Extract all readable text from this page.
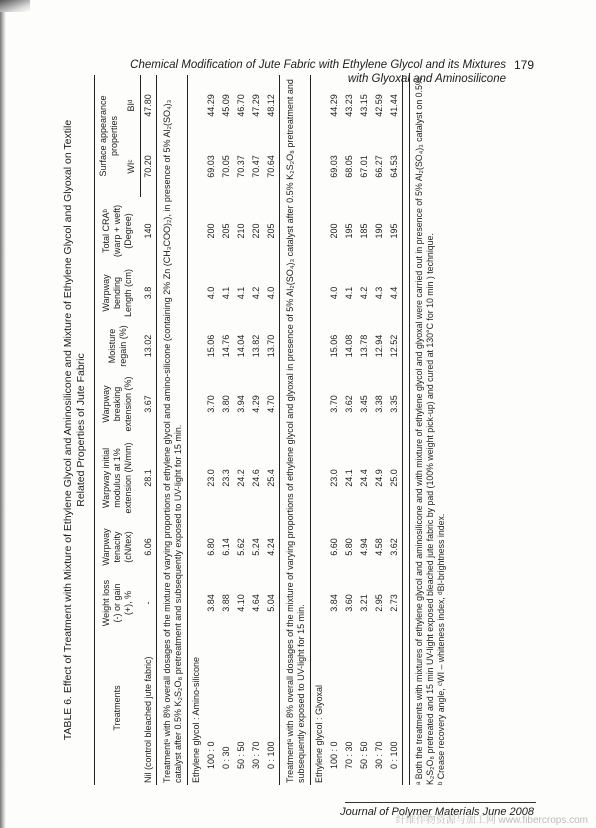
Chemical Modification of Jute Fabric with Ethylene Glycol and its Mixtures
with Glyoxal and Aminosilicone
179
TABLE 6. Effect of Treatment with Mixture of Ethylene Glycol and Aminosilicone and Mixture of Ethylene Glycol and Glyoxal on Textile Related Properties of Jute Fabric
Treatments	Weight loss (-) or gain (+), %	Warpway tenacity (cN/tex)	Warpway initial modulus at 1% extension (N/mm)	Warpway breaking extension (%)	Moisture regain (%)	Warpway bending Length (cm)	Total CRAᵇ (warp + weft) (Degree)	Surface appearance properties	
								WIᶜ	BIᵈ
Nil (control bleached jute fabric)	-	6.06	28.1	3.67	13.02	3.8	140	70.20	47.80
Treatmentᵃ with 8% overall dosages of the mixture of varying proportions of ethylene glycol and amino-silicone (containing 2% Zn (CH₃COO)₂), in presence of 5% Al₂(SO₄)₃ catalyst after 0.5% K₂S₂O₈ pretreatment and subsequently exposed to UV-light for 15 min.									
Ethylene glycol : Amino-silicone									
100 : 0	3.84	6.80	23.0	3.70	15.06	4.0	200	69.03	44.29
0 : 30	3.88	6.14	23.3	3.80	14.76	4.1	205	70.05	45.09
50 : 50	4.10	5.62	24.2	3.94	14.04	4.1	210	70.37	46.70
30 : 70	4.64	5.24	24.6	4.29	13.82	4.2	220	70.47	47.29
0 : 100	5.04	4.24	25.4	4.70	13.70	4.0	205	70.64	48.12
Treatmentᵃ with 8% overall dosages of the mixture of varying proportions of ethylene glycol and glyoxal in presence of 5% Al₂(SO₄)₃ catalyst after 0.5% K₂S₂O₈ pretreatment and subsequently exposed to UV-light for 15 min.									
Ethylene glycol : Glyoxal									
100 : 0	3.84	6.60	23.0	3.70	15.06	4.0	200	69.03	44.29
70 : 30	3.60	5.80	24.1	3.62	14.08	4.1	195	68.05	43.23
50 : 50	3.21	4.94	24.4	3.45	13.78	4.2	185	67.01	43.15
30 : 70	2.95	4.58	24.9	3.38	12.94	4.3	190	66.27	42.59
0 : 100	2.73	3.62	25.0	3.35	12.52	4.4	195	64.53	41.44 ᵃ Both the treatments with mixtures of ethylene glycol and aminosilicone and with mixture of ethylene glycol and glyoxal were carried out in presence of 5% Al₂(SO₄)₃ catalyst on 0.5% K₂S₂O₈ pretreated and 15 min UV-light exposed bleached jute fabric by pad (100% weight pick-up) and cured at 130°C for 10 min ) technique. ᵇ Crease recovery angle, ᶜWI – whiteness index, ᵈBI-brightness index.
Journal of Polymer Materials June 2008
纤维作物资源与加工网 www.fibercrops.com
